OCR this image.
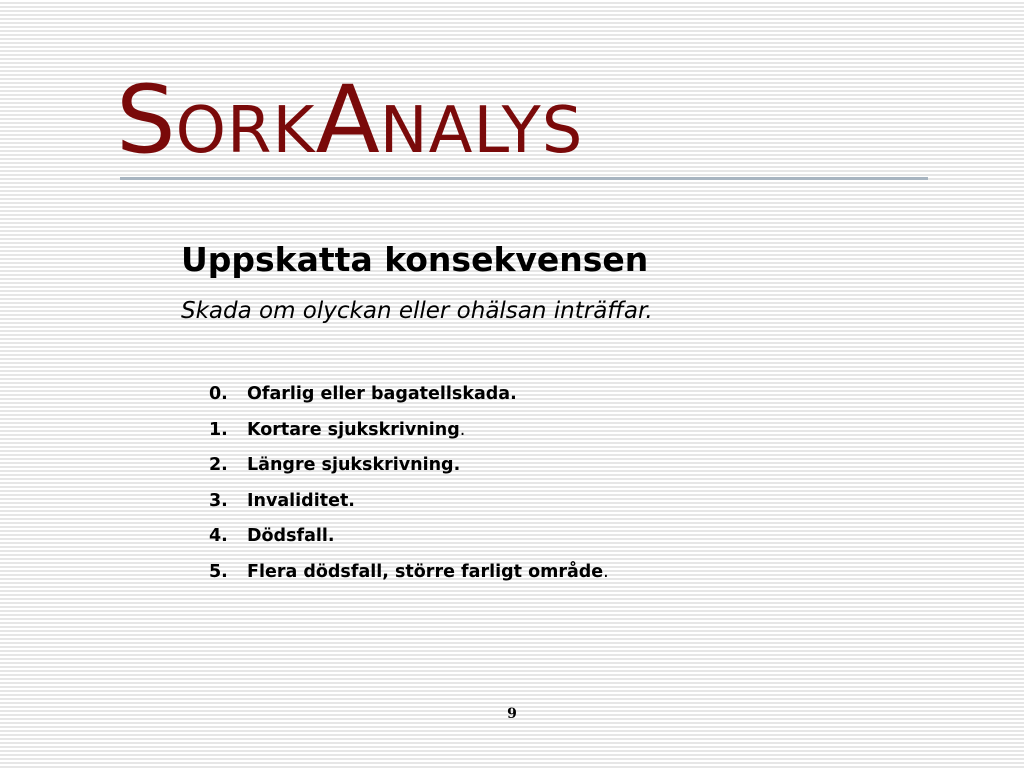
SORKANALYS
Uppskatta konsekvensen

Skada om olyckan eller ohälsan inträffar.

0.	Ofarlig eller bagatellskada.
1.	Kortare sjukskrivning.
2.	Längre sjukskrivning.
3.	Invaliditet.
4.	Dödsfall.
5.	Flera dödsfall, större farligt område.
9
